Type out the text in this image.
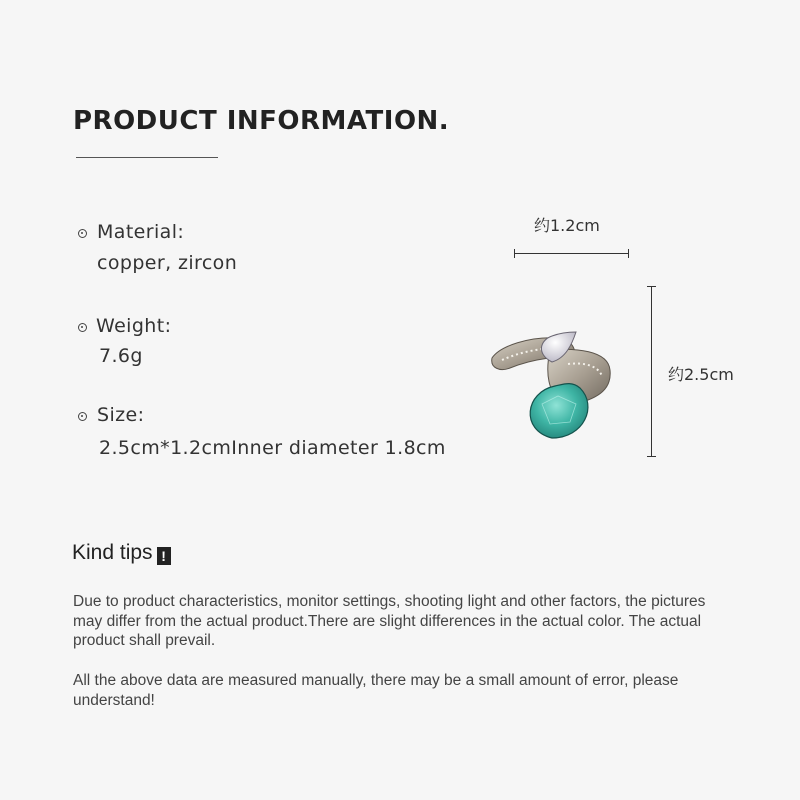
PRODUCT INFORMATION.
Material:
copper, zircon
Weight:
7.6g
Size:
2.5cm*1.2cmInner diameter 1.8cm
约1.2cm
约2.5cm
Kind tips !
Due to product characteristics, monitor settings, shooting light and other factors, the pictures may differ from the actual product.There are slight differences in the actual color. The actual product shall prevail.
All the above data are measured manually, there may be a small amount of error, please understand!
